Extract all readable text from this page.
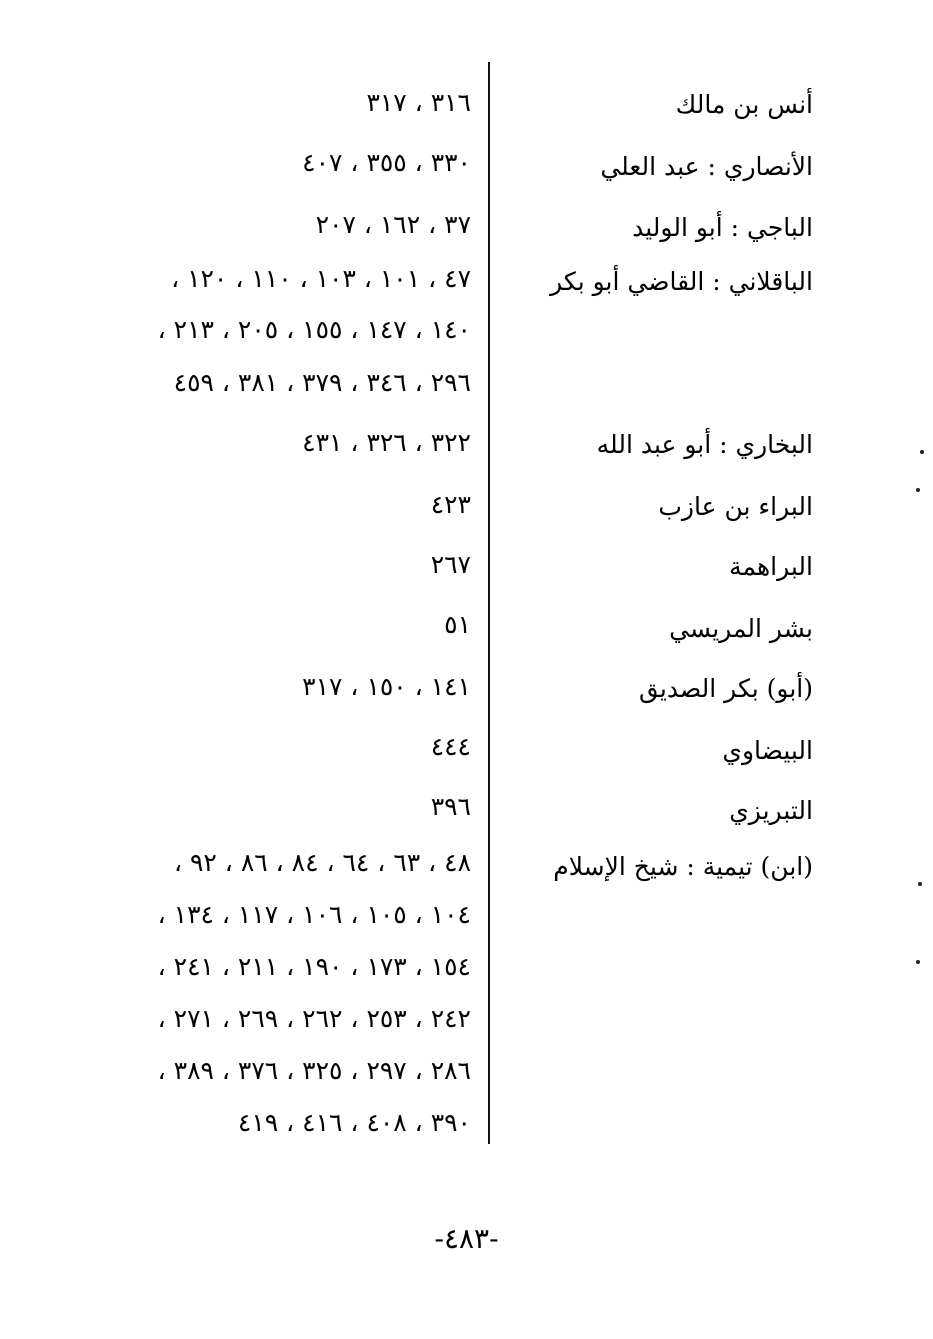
أنس بن مالك
٣١٦ ، ٣١٧
الأنصاري : عبد العلي
٣٣٠ ، ٣٥٥ ، ٤٠٧
الباجي : أبو الوليد
٣٧ ، ١٦٢ ، ٢٠٧
الباقلاني : القاضي أبو بكر
٤٧ ، ١٠١ ، ١٠٣ ، ١١٠ ، ١٢٠ ،
١٤٠ ، ١٤٧ ، ١٥٥ ، ٢٠٥ ، ٢١٣ ،
٢٩٦ ، ٣٤٦ ، ٣٧٩ ، ٣٨١ ، ٤٥٩
البخاري : أبو عبد الله
٣٢٢ ، ٣٢٦ ، ٤٣١
البراء بن عازب
٤٢٣
البراهمة
٢٦٧
بشر المريسي
٥١
(أبو) بكر الصديق
١٤١ ، ١٥٠ ، ٣١٧
البيضاوي
٤٤٤
التبريزي
٣٩٦
(ابن) تيمية : شيخ الإسلام
٤٨ ، ٦٣ ، ٦٤ ، ٨٤ ، ٨٦ ، ٩٢ ،
١٠٤ ، ١٠٥ ، ١٠٦ ، ١١٧ ، ١٣٤ ،
١٥٤ ، ١٧٣ ، ١٩٠ ، ٢١١ ، ٢٤١ ،
٢٤٢ ، ٢٥٣ ، ٢٦٢ ، ٢٦٩ ، ٢٧١ ،
٢٨٦ ، ٢٩٧ ، ٣٢٥ ، ٣٧٦ ، ٣٨٩ ،
٣٩٠ ، ٤٠٨ ، ٤١٦ ، ٤١٩
-٤٨٣-
